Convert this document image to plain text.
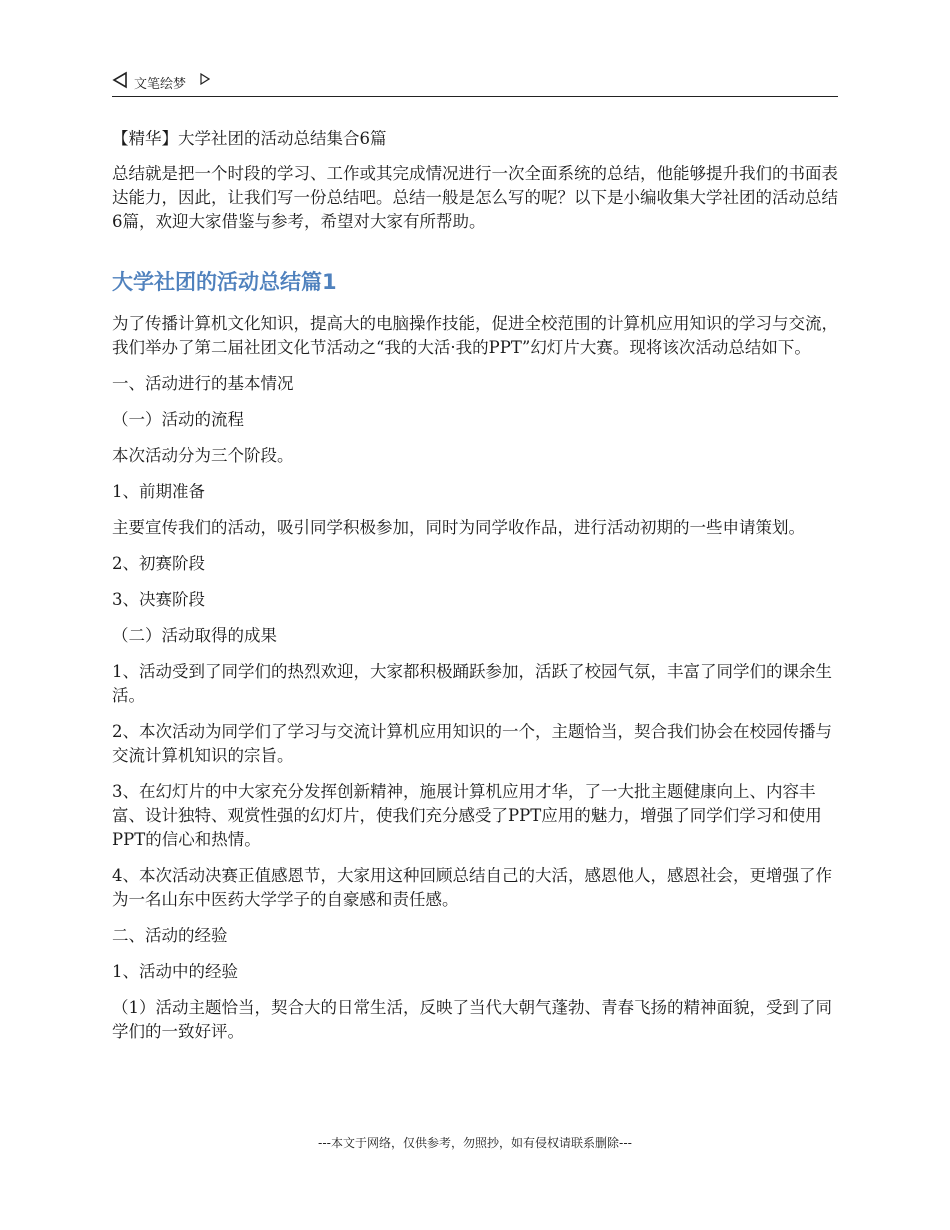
文笔绘梦
【精华】大学社团的活动总结集合6篇
总结就是把一个时段的学习、工作或其完成情况进行一次全面系统的总结，他能够提升我们的书面表达能力，因此，让我们写一份总结吧。总结一般是怎么写的呢？以下是小编收集大学社团的活动总结6篇，欢迎大家借鉴与参考，希望对大家有所帮助。
大学社团的活动总结篇1

为了传播计算机文化知识，提高大的电脑操作技能，促进全校范围的计算机应用知识的学习与交流，我们举办了第二届社团文化节活动之“我的大活·我的PPT”幻灯片大赛。现将该次活动总结如下。

一、活动进行的基本情况

（一）活动的流程

本次活动分为三个阶段。

1、前期准备

主要宣传我们的活动，吸引同学积极参加，同时为同学收作品，进行活动初期的一些申请策划。

2、初赛阶段

3、决赛阶段

（二）活动取得的成果

1、活动受到了同学们的热烈欢迎，大家都积极踊跃参加，活跃了校园气氛，丰富了同学们的课余生活。

2、本次活动为同学们了学习与交流计算机应用知识的一个，主题恰当，契合我们协会在校园传播与交流计算机知识的宗旨。

3、在幻灯片的中大家充分发挥创新精神，施展计算机应用才华，了一大批主题健康向上、内容丰富、设计独特、观赏性强的幻灯片，使我们充分感受了PPT应用的魅力，增强了同学们学习和使用PPT的信心和热情。

4、本次活动决赛正值感恩节，大家用这种回顾总结自己的大活，感恩他人，感恩社会，更增强了作为一名山东中医药大学学子的自豪感和责任感。

二、活动的经验

1、活动中的经验

（1）活动主题恰当，契合大的日常生活，反映了当代大朝气蓬勃、青春飞扬的精神面貌，受到了同学们的一致好评。

---本文于网络，仅供参考，勿照抄，如有侵权请联系删除---
